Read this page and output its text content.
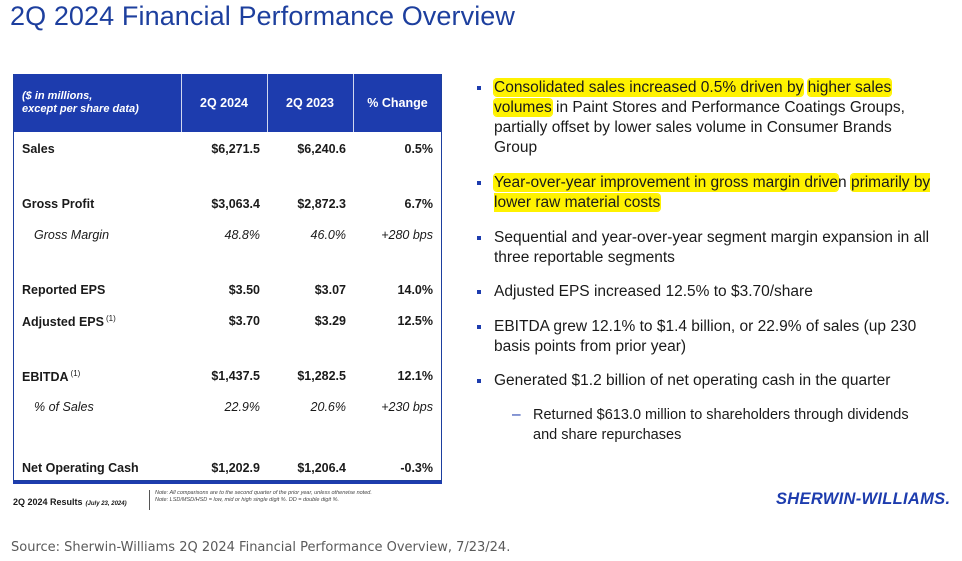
2Q 2024 Financial Performance Overview
($ in millions,
except per share data)	2Q 2024	2Q 2023	% Change
Sales	$6,271.5	$6,240.6	0.5%
Gross Profit	$3,063.4	$2,872.3	6.7%
Gross Margin	48.8%	46.0%	+280 bps
Reported EPS	$3.50	$3.07	14.0%
Adjusted EPS $^{(1)}$	$3.70	$3.29	12.5%
EBITDA $^{(1)}$	$1,437.5	$1,282.5	12.1%
% of Sales	22.9%	20.6%	+230 bps
Net Operating Cash	$1,202.9	$1,206.4	-0.3%
Consolidated sales increased 0.5% driven by higher sales volumes in Paint Stores and Performance Coatings Groups, partially offset by lower sales volume in Consumer Brands Group
Year-over-year improvement in gross margin driven primarily by lower raw material costs
Sequential and year-over-year segment margin expansion in all three reportable segments
Adjusted EPS increased 12.5% to $3.70/share
EBITDA grew 12.1% to $1.4 billion, or 22.9% of sales (up 230 basis points from prior year)
Generated $1.2 billion of net operating cash in the quarter
– Returned $613.0 million to shareholders through dividends and share repurchases
2Q 2024 Results (July 23, 2024)
Note: All comparisons are to the second quarter of the prior year, unless otherwise noted.
Note: LSD/MSD/HSD = low, mid or high single digit %. DD = double digit %.	SHERWIN-WILLIAMS.
Source: Sherwin-Williams 2Q 2024 Financial Performance Overview, 7/23/24.
